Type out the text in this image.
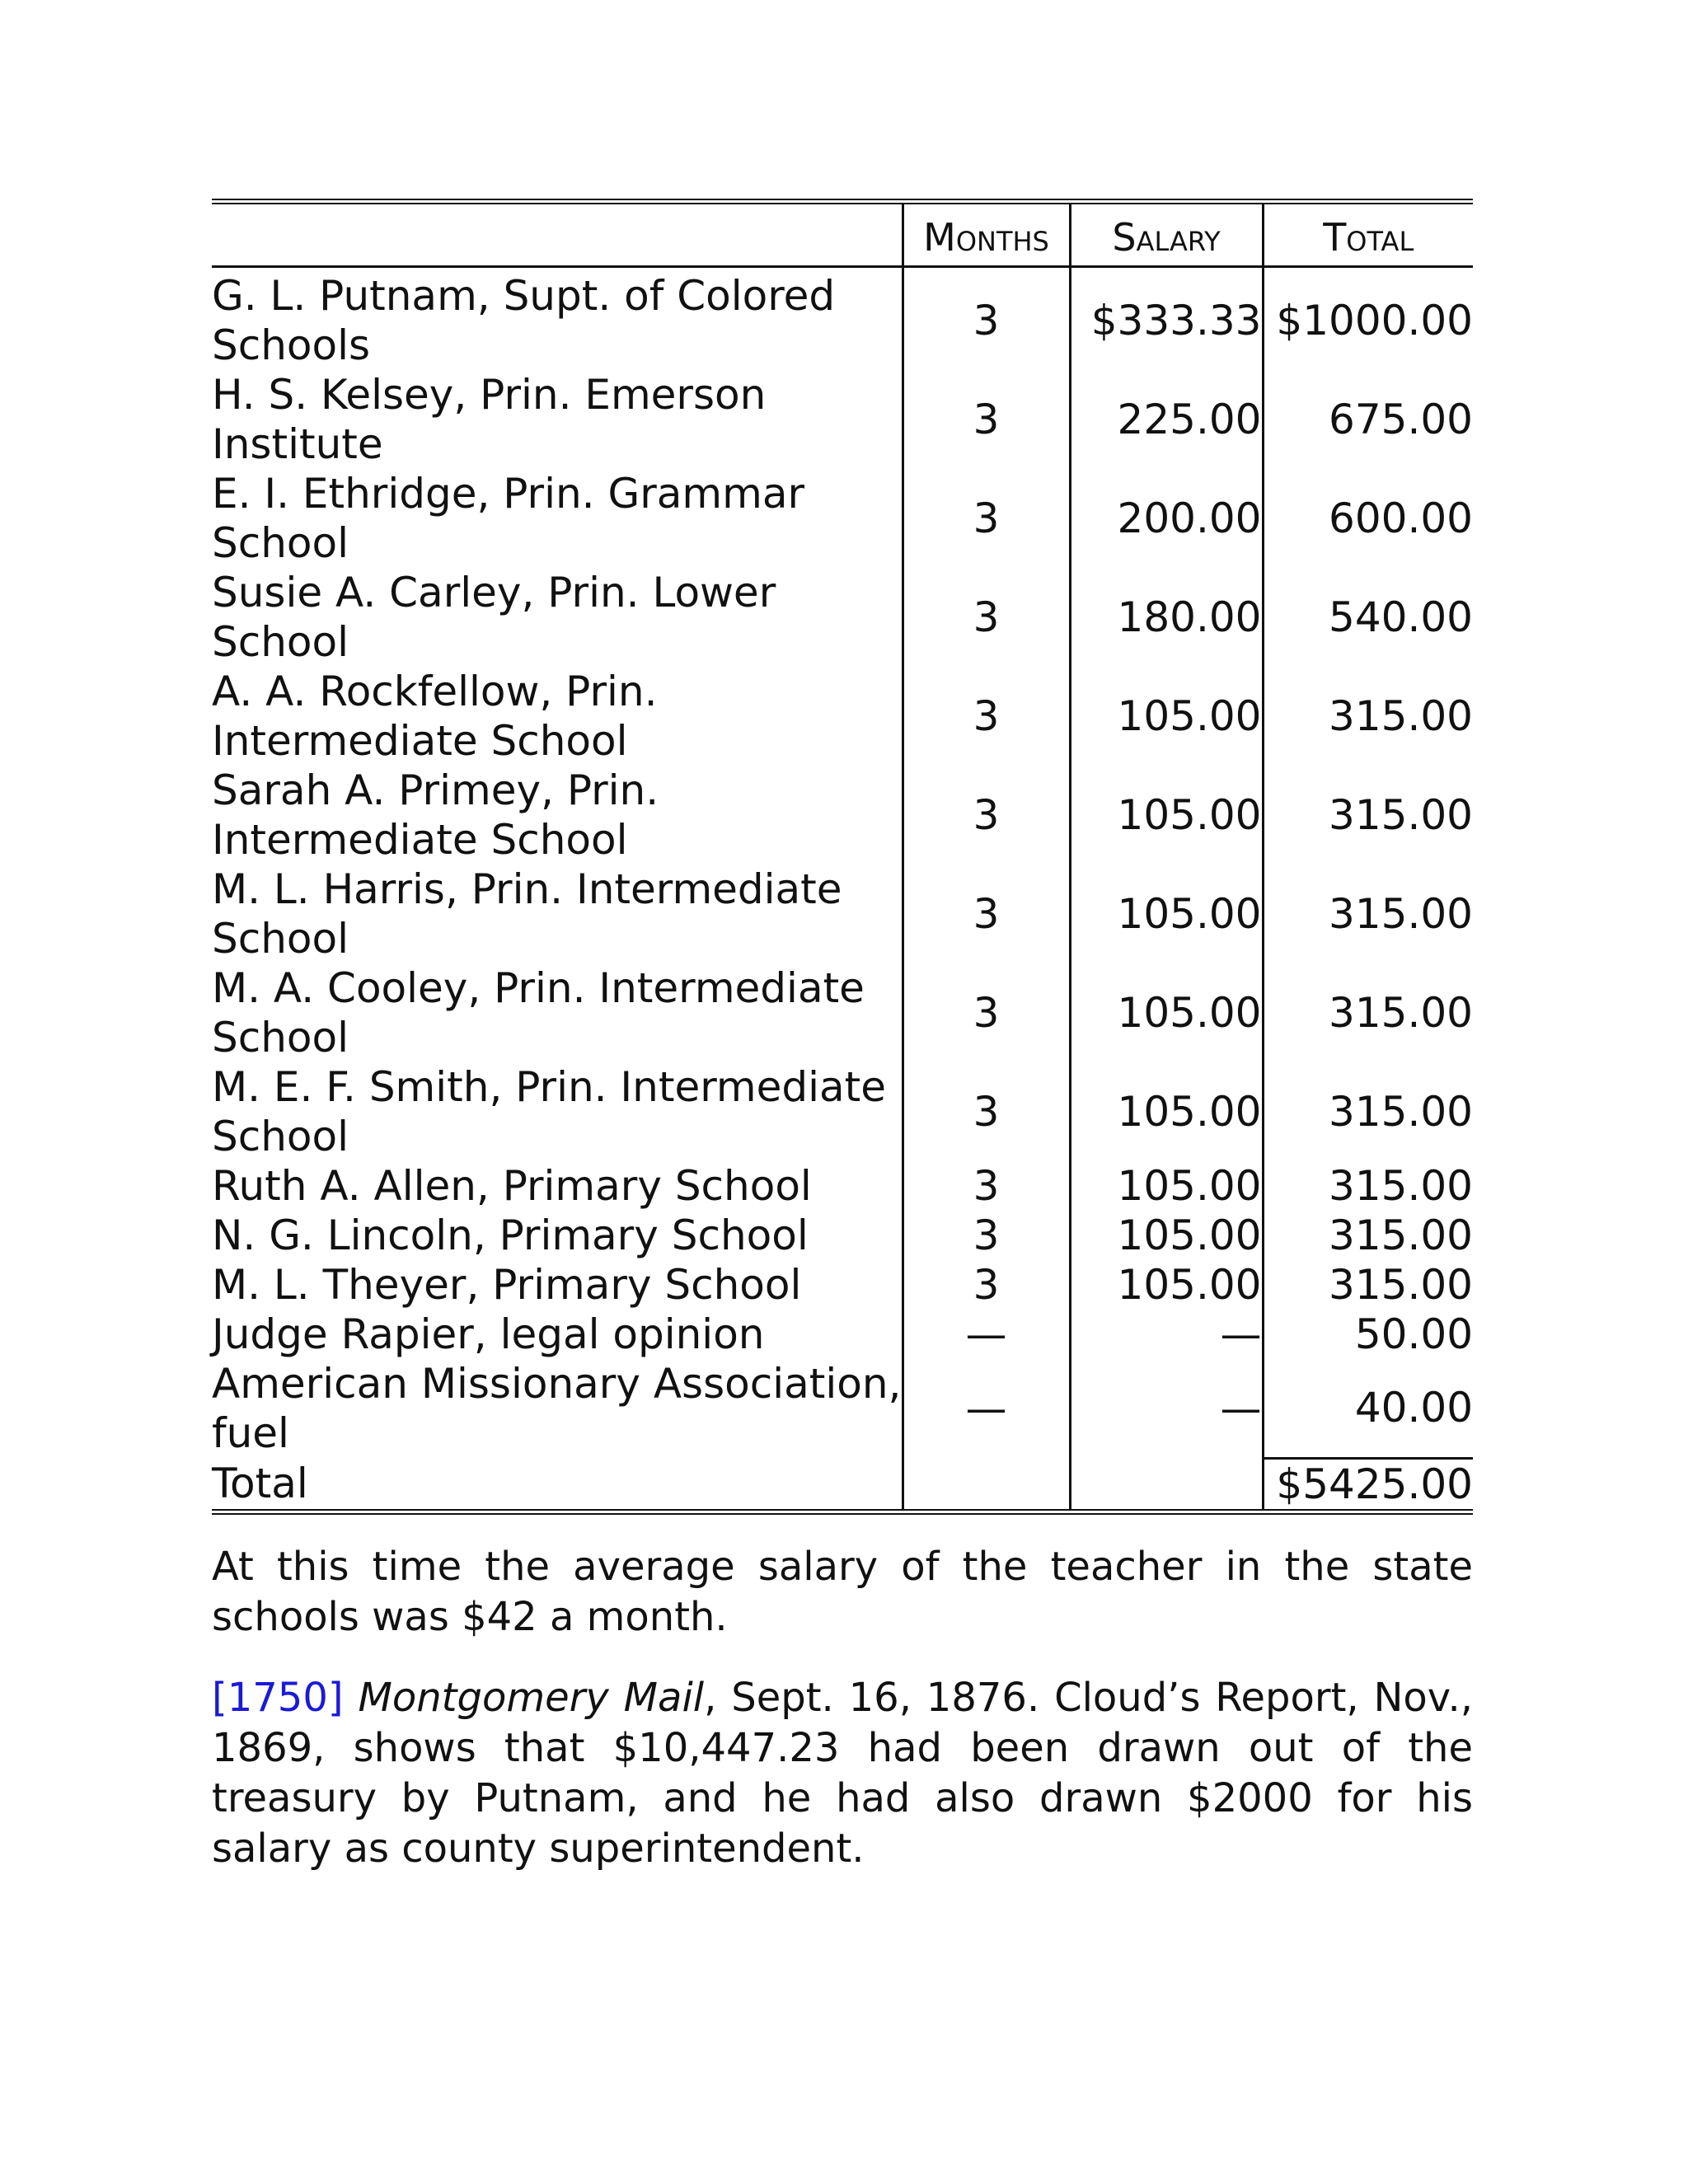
	Months	Salary	Total
G. L. Putnam, Supt. of Colored Schools	3	$333.33	$1000.00
H. S. Kelsey, Prin. Emerson Institute	3	225.00	675.00
E. I. Ethridge, Prin. Grammar School	3	200.00	600.00
Susie A. Carley, Prin. Lower School	3	180.00	540.00
A. A. Rockfellow, Prin. Intermediate School	3	105.00	315.00
Sarah A. Primey, Prin. Intermediate School	3	105.00	315.00
M. L. Harris, Prin. Intermediate School	3	105.00	315.00
M. A. Cooley, Prin. Intermediate School	3	105.00	315.00
M. E. F. Smith, Prin. Intermediate School	3	105.00	315.00
Ruth A. Allen, Primary School	3	105.00	315.00
N. G. Lincoln, Primary School	3	105.00	315.00
M. L. Theyer, Primary School	3	105.00	315.00
Judge Rapier, legal opinion	—	—	50.00
American Missionary Association, fuel	—	—	40.00
Total			$5425.00

At this time the average salary of the teacher in the state schools was $42 a month.

[1750] Montgomery Mail, Sept. 16, 1876. Cloud’s Report, Nov., 1869, shows that $10,447.23 had been drawn out of the treasury by Putnam, and he had also drawn $2000 for his salary as county superintendent.
